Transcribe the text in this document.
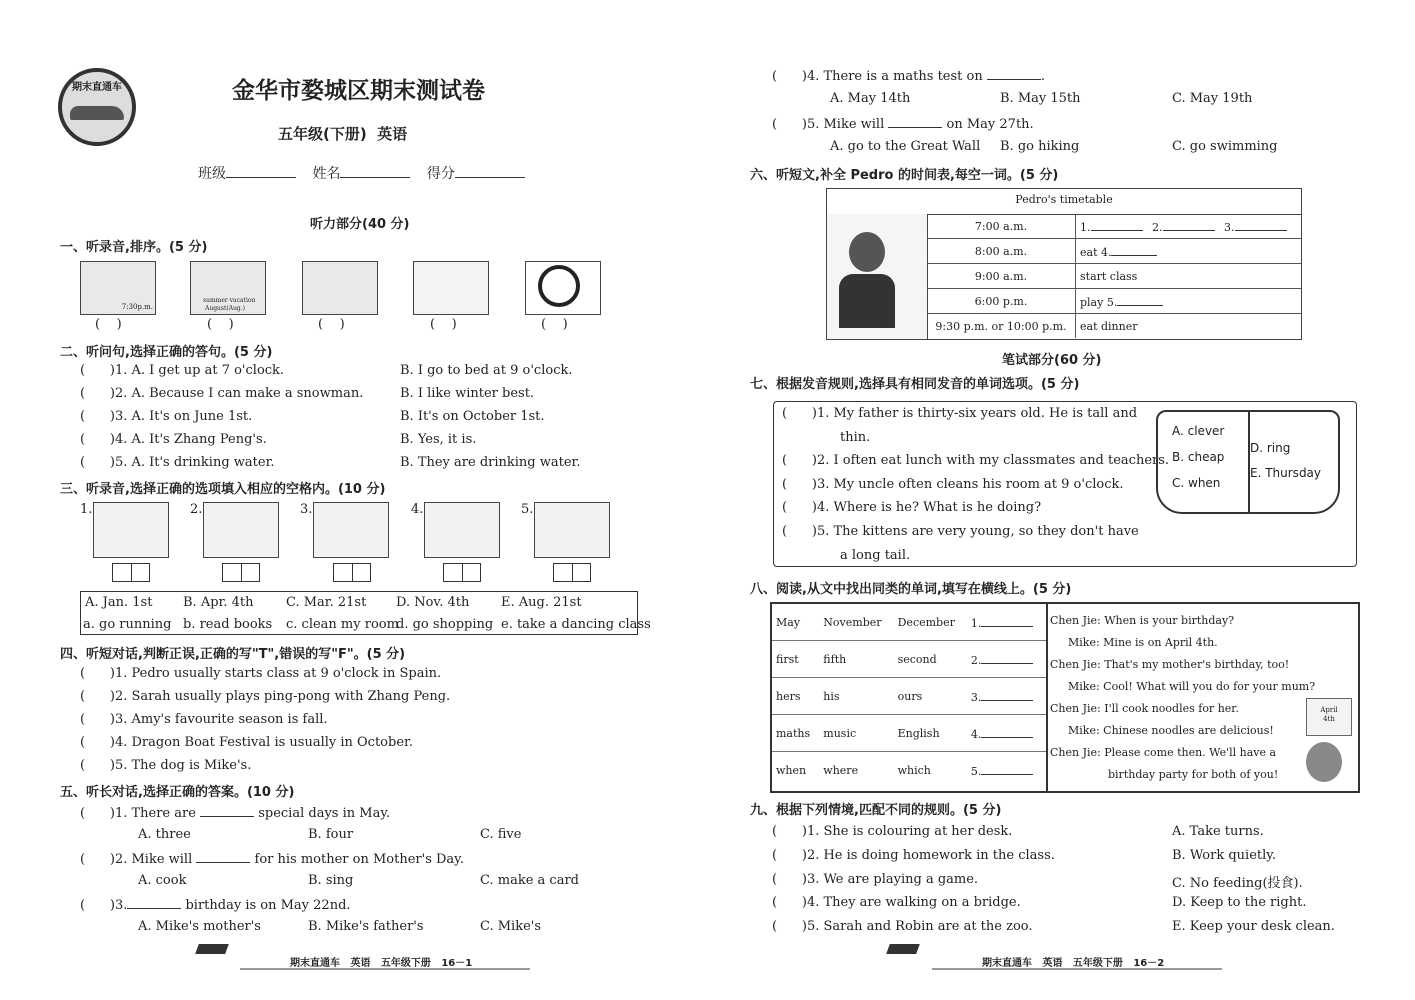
期末直通车	金华市婺城区期末测试卷
五年级(下册)  英语
班级	姓名	得分
听力部分(40 分)
一、听录音,排序。(5 分)
7:30p.m.
summer vacation
August(Aug.)
(    )	(    )	(    )	(    )	(    )
二、听问句,选择正确的答句。(5 分)
(      )1. A. I get up at 7 o'clock.	B. I go to bed at 9 o'clock.
(      )2. A. Because I can make a snowman.	B. I like winter best.
(      )3. A. It's on June 1st.	B. It's on October 1st.
(      )4. A. It's Zhang Peng's.	B. Yes, it is.
(      )5. A. It's drinking water.	B. They are drinking water.
三、听录音,选择正确的选项填入相应的空格内。(10 分)
1.	2.	3.	4.	5.
A. Jan. 1st B. Apr. 4th	C. Mar. 21st D. Nov. 4th E. Aug. 21st
a. go running b. read books c. clean my room
d. go shopping e. take a dancing class
四、听短对话,判断正误,正确的写"T",错误的写"F"。(5 分)
(      )1. Pedro usually starts class at 9 o'clock in Spain.
(      )2. Sarah usually plays ping-pong with Zhang Peng.
(      )3. Amy's favourite season is fall.
(      )4. Dragon Boat Festival is usually in October.
(      )5. The dog is Mike's.
五、听长对话,选择正确的答案。(10 分)
(      )1. There are	special days in May.
A. three	B. four	C. five
(      )2. Mike will	for his mother on Mother's Day.
A. cook	B. sing	C. make a card
(      )3.	birthday is on May 22nd.
A. Mike's mother's	B. Mike's father's	C. Mike's
期末直通车   英语   五年级下册   16－1
(      )4. There is a maths test on	.
A. May 14th	B. May 15th	C. May 19th
(      )5. Mike will	on May 27th.
A. go to the Great Wall B. go hiking	C. go swimming
六、听短文,补全 Pedro 的时间表,每空一词。(5 分)
Pedro's timetable
7:00 a.m.	1. 2. 3.
8:00 a.m.	eat 4.
9:00 a.m.	start class
6:00 p.m.	play 5.
9:30 p.m. or 10:00 p.m.	eat dinner
笔试部分(60 分)
七、根据发音规则,选择具有相同发音的单词选项。(5 分)
(      )1. My father is thirty-six years old. He is tall and
thin.
(      )2. I often eat lunch with my classmates and teachers.
(      )3. My uncle often cleans his room at 9 o'clock.
(      )4. Where is he? What is he doing?
(      )5. The kittens are very young, so they don't have
a long tail.
A. clever
B. cheap
C. when
D. ring
E. Thursday
八、阅读,从文中找出同类的单词,填写在横线上。(5 分)
May	November	December	1.
first	fifth	second	2.
hers	his	ours	3.
maths	music	English	4.
when	where	which	5.
Chen Jie: When is your birthday?
Mike: Mine is on April 4th.
Chen Jie: That's my mother's birthday, too!
Mike: Cool! What will you do for your mum?
Chen Jie: I'll cook noodles for her.
Mike: Chinese noodles are delicious!
Chen Jie: Please come then. We'll have a
birthday party for both of you!
April 4th
九、根据下列情境,匹配不同的规则。(5 分)
(      )1. She is colouring at her desk.	A. Take turns.
(      )2. He is doing homework in the class.	B. Work quietly.
(      )3. We are playing a game.	C. No feeding(投食).
(      )4. They are walking on a bridge.	D. Keep to the right.
(      )5. Sarah and Robin are at the zoo.	E. Keep your desk clean.
期末直通车   英语   五年级下册   16－2
